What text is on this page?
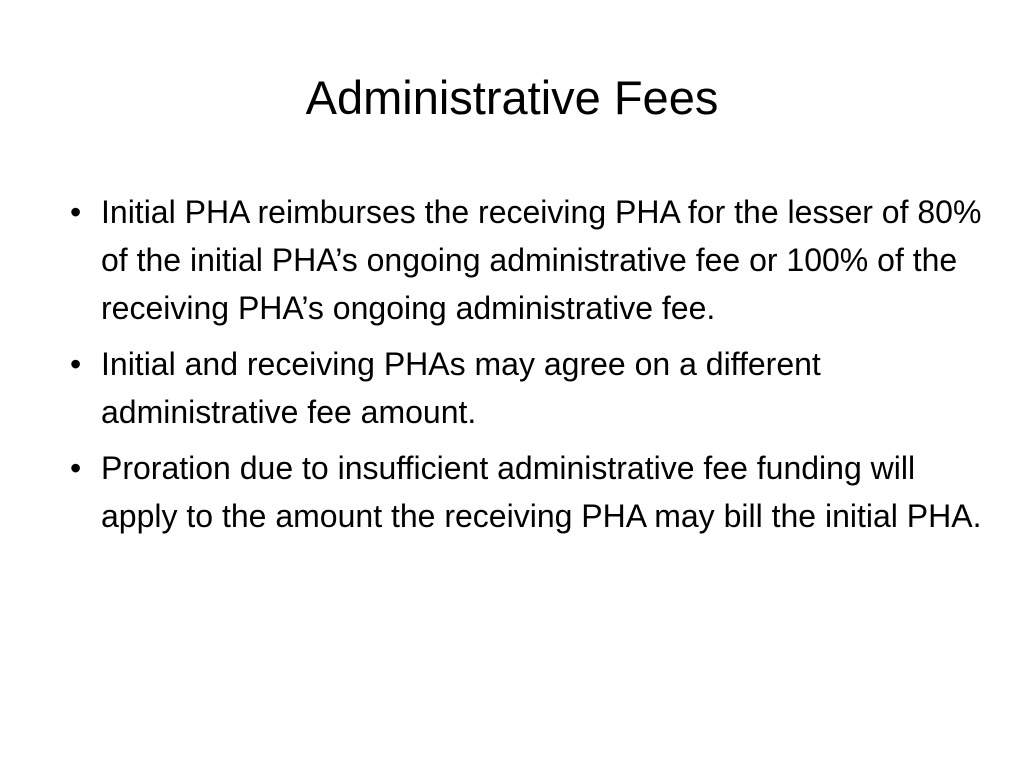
Administrative Fees
• Initial PHA reimburses the receiving PHA for the lesser of 80% of the initial PHA’s ongoing administrative fee or 100% of the receiving PHA’s ongoing administrative fee.
• Initial and receiving PHAs may agree on a different administrative fee amount.
• Proration due to insufficient administrative fee funding will apply to the amount the receiving PHA may bill the initial PHA.
